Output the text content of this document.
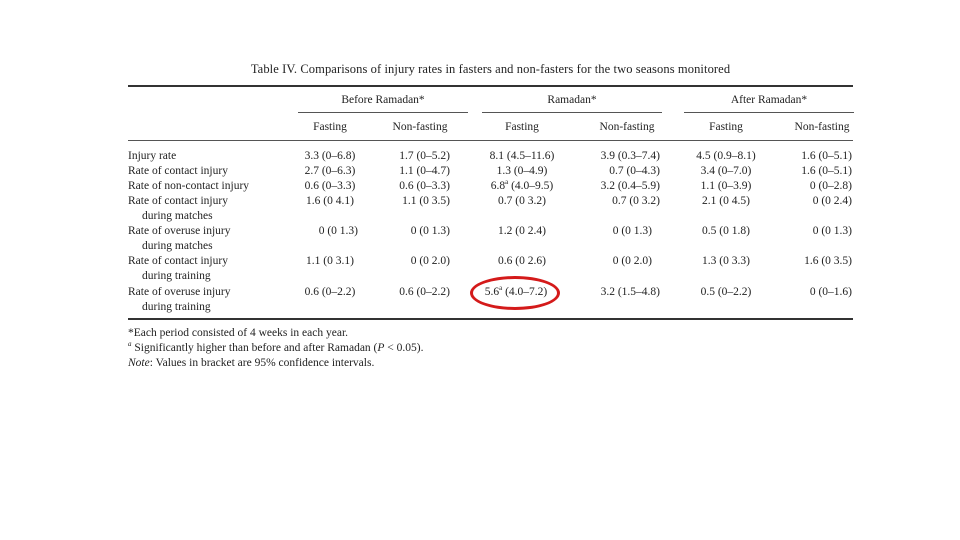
Table IV. Comparisons of injury rates in fasters and non-fasters for the two seasons monitored
Before Ramadan*	Ramadan*	After Ramadan*
Fasting	Non-fasting	Fasting	Non-fasting	Fasting	Non-fasting
Injury rate	3.3 (0–6.8)	1.7 (0–5.2)	8.1 (4.5–11.6)	3.9 (0.3–7.4)	4.5 (0.9–8.1)	1.6 (0–5.1)
Rate of contact injury	2.7 (0–6.3)	1.1 (0–4.7)	1.3 (0–4.9)	0.7 (0–4.3)	3.4 (0–7.0)	1.6 (0–5.1)
Rate of non-contact injury	0.6 (0–3.3)	0.6 (0–3.3)	6.8$^a$ (4.0–9.5)	3.2 (0.4–5.9)	1.1 (0–3.9)	0 (0–2.8)
Rate of contact injury
during matches
1.6 (0 4.1)	1.1 (0 3.5)	0.7 (0 3.2)	0.7 (0 3.2)	2.1 (0 4.5)	0 (0 2.4)
Rate of overuse injury
during matches
0 (0 1.3)	0 (0 1.3)	1.2 (0 2.4)	0 (0 1.3)	0.5 (0 1.8)	0 (0 1.3)
Rate of contact injury
during training
1.1 (0 3.1)	0 (0 2.0)	0.6 (0 2.6)	0 (0 2.0)	1.3 (0 3.3)	1.6 (0 3.5)
Rate of overuse injury
during training
0.6 (0–2.2)	0.6 (0–2.2)	5.6$^a$ (4.0–7.2)	3.2 (1.5–4.8)	0.5 (0–2.2)	0 (0–1.6)
*Each period consisted of 4 weeks in each year.
$^a$ Significantly higher than before and after Ramadan (P < 0.05).
Note: Values in bracket are 95% confidence intervals.
